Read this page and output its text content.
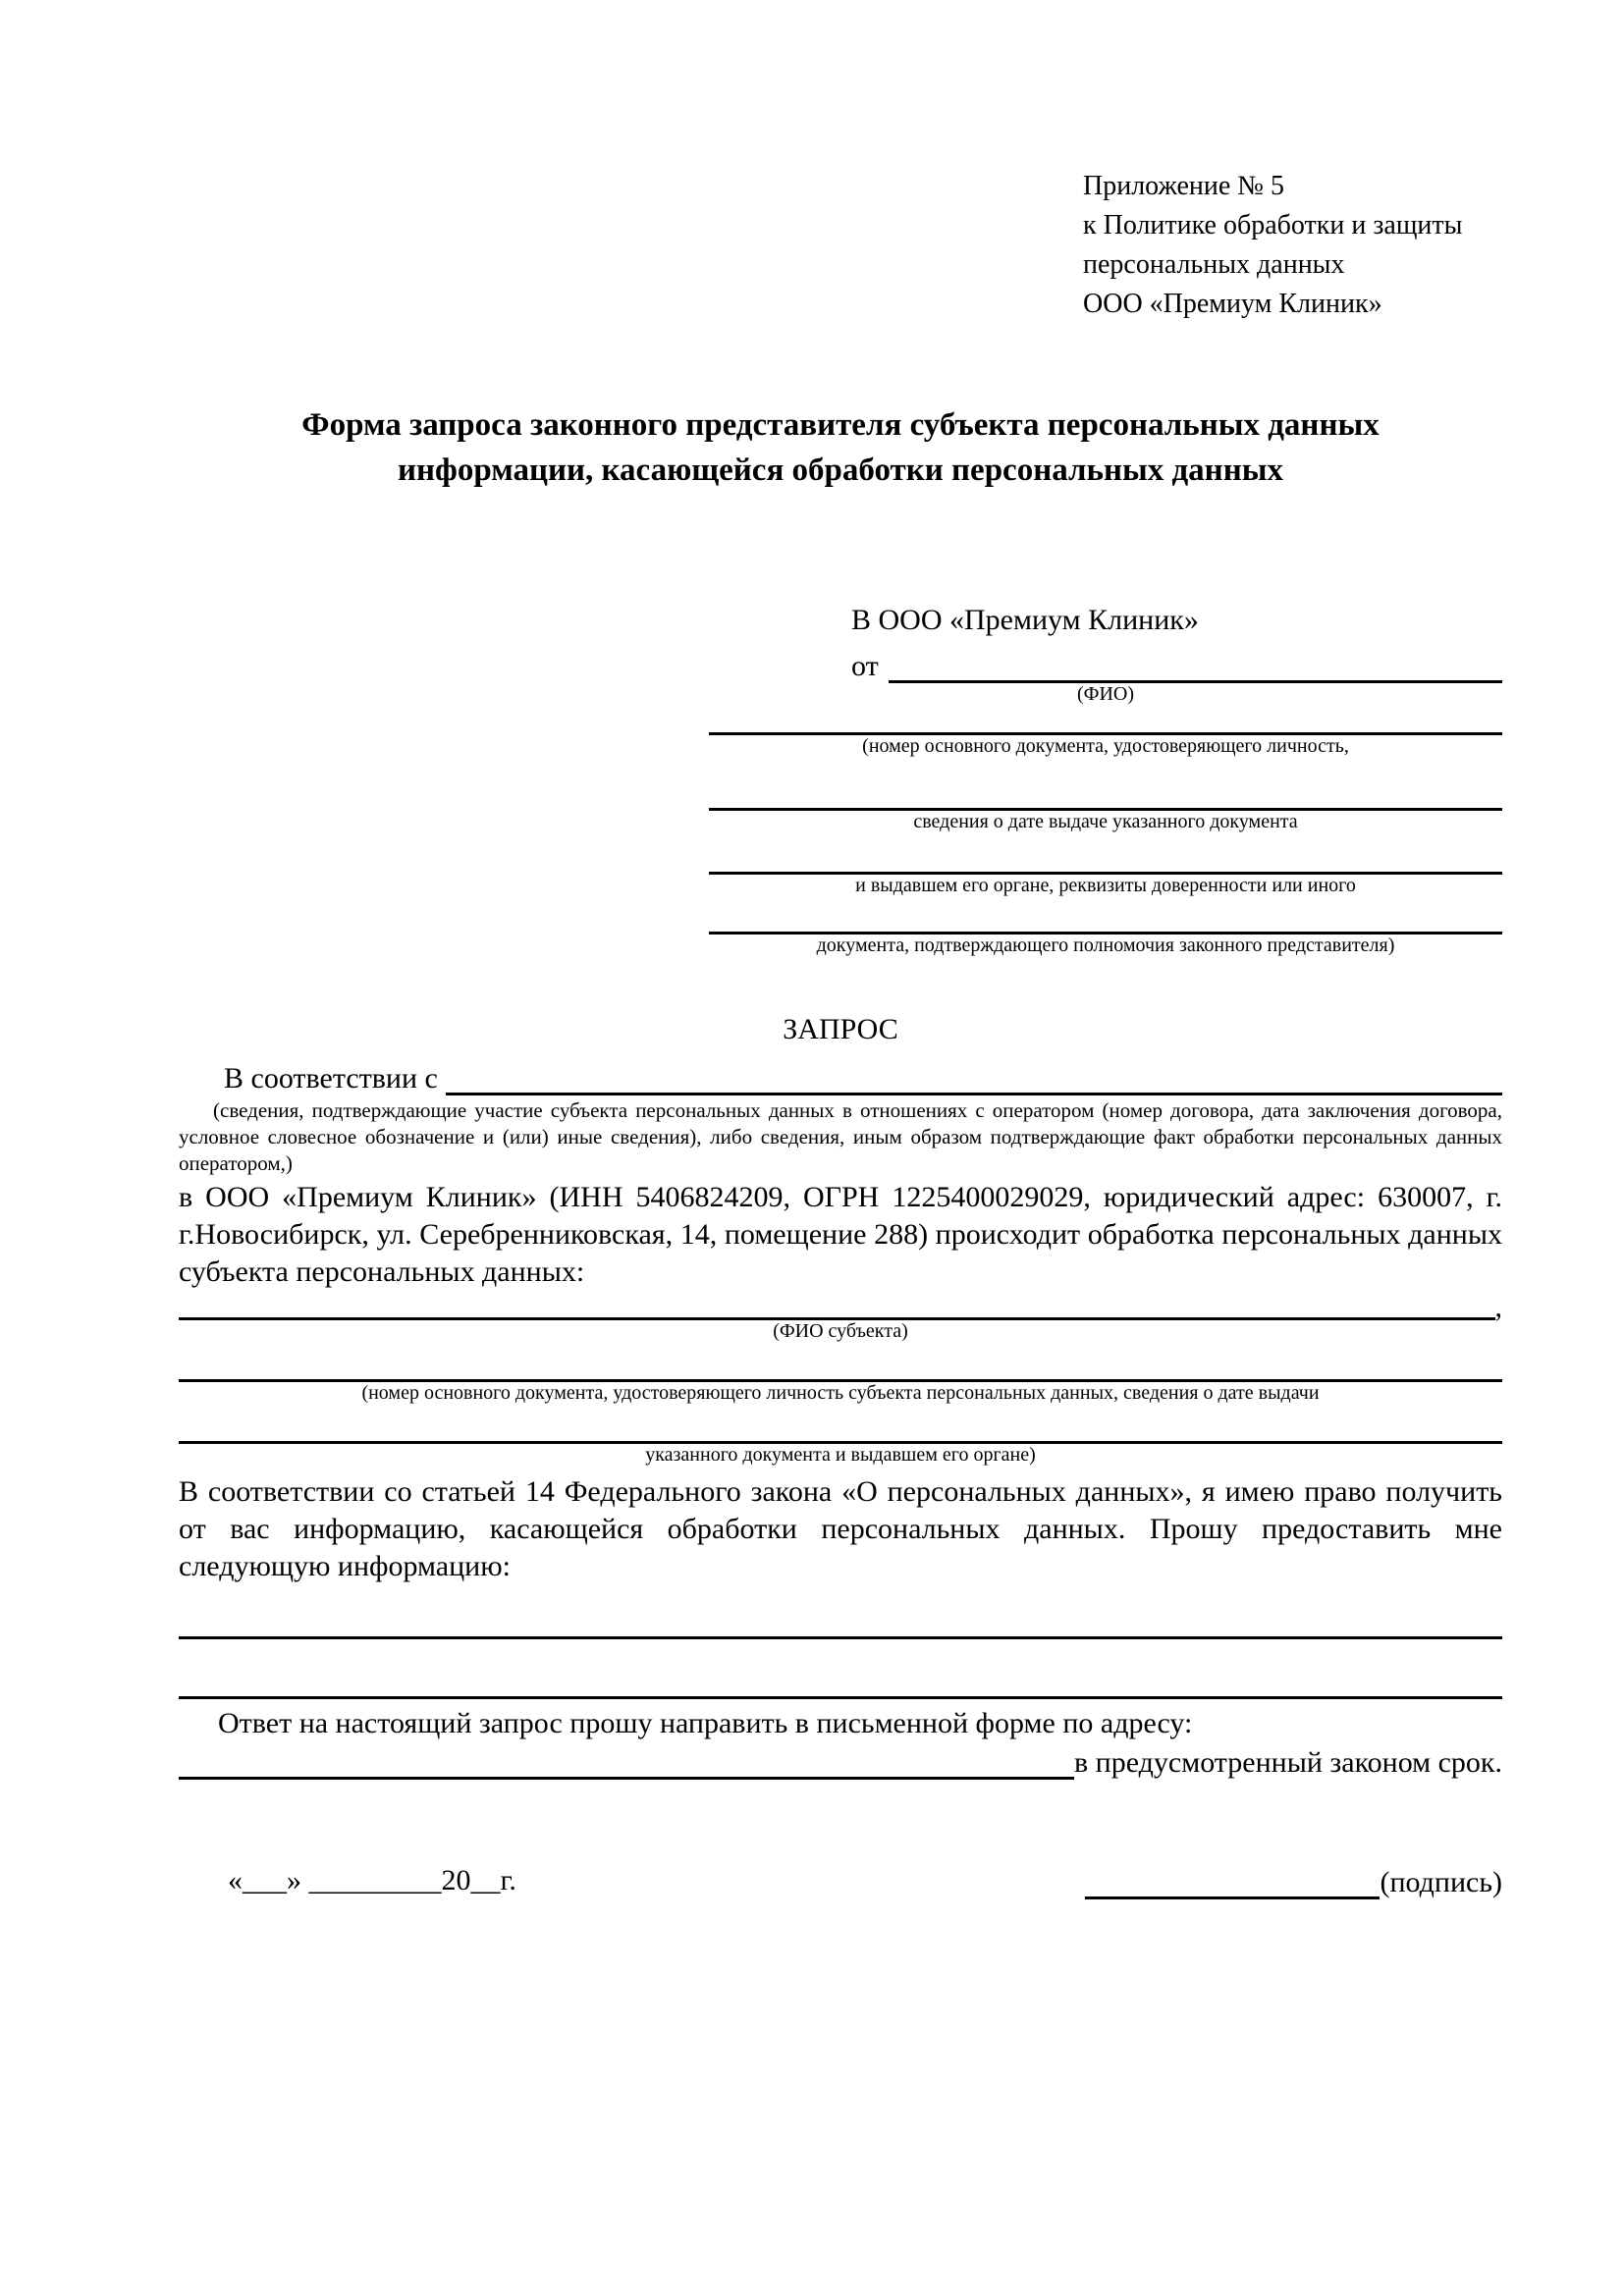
Приложение № 5
к Политике обработки и защиты
персональных данных
ООО «Премиум Клиник»
Форма запроса законного представителя субъекта персональных данных
информации, касающейся обработки персональных данных
В ООО «Премиум Клиник»
от
(ФИО)
(номер основного документа, удостоверяющего личность,
сведения о дате выдаче указанного документа
и выдавшем его органе, реквизиты доверенности или иного
документа, подтверждающего полномочия законного представителя)
ЗАПРОС
В соответствии с
(сведения, подтверждающие участие субъекта персональных данных в отношениях с оператором (номер договора, дата заключения договора, условное словесное обозначение и (или) иные сведения), либо сведения, иным образом подтверждающие факт обработки персональных данных оператором,)

в ООО «Премиум Клиник» (ИНН 5406824209, ОГРН 1225400029029, юридический адрес: 630007, г. г.Новосибирск, ул. Серебренниковская, 14, помещение 288) происходит обработка персональных данных субъекта персональных данных:

,
(ФИО субъекта)
(номер основного документа, удостоверяющего личность субъекта персональных данных, сведения о дате выдачи
указанного документа и выдавшем его органе)

В соответствии со статьей 14 Федерального закона «О персональных данных», я имею право получить от вас информацию, касающейся обработки персональных данных. Прошу предоставить мне следующую информацию:

Ответ на настоящий запрос прошу направить в письменной форме по адресу:

в предусмотренный законом срок.
«___» _________20__г.	(подпись)
